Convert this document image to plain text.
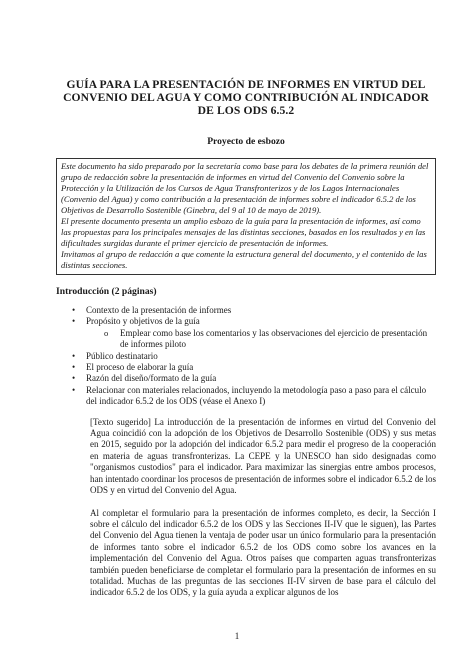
GUÍA PARA LA PRESENTACIÓN DE INFORMES EN VIRTUD DEL CONVENIO DEL AGUA Y COMO CONTRIBUCIÓN AL INDICADOR DE LOS ODS 6.5.2
Proyecto de esbozo

Este documento ha sido preparado por la secretaría como base para los debates de la primera reunión del grupo de redacción sobre la presentación de informes en virtud del Convenio del Convenio sobre la Protección y la Utilización de los Cursos de Agua Transfronterizos y de los Lagos Internacionales (Convenio del Agua) y como contribución a la presentación de informes sobre el indicador 6.5.2 de los Objetivos de Desarrollo Sostenible (Ginebra, del 9 al 10 de mayo de 2019).

El presente documento presenta un amplio esbozo de la guía para la presentación de informes, así como las propuestas para los principales mensajes de las distintas secciones, basados en los resultados y en las dificultades surgidas durante el primer ejercicio de presentación de informes.

Invitamos al grupo de redacción a que comente la estructura general del documento, y el contenido de las distintas secciones.

Introducción (2 páginas)
• Contexto de la presentación de informes
• Propósito y objetivos de la guía
o Emplear como base los comentarios y las observaciones del ejercicio de presentación de informes piloto
• Público destinatario
• El proceso de elaborar la guía
• Razón del diseño/formato de la guía
• Relacionar con materiales relacionados, incluyendo la metodología paso a paso para el cálculo del indicador 6.5.2 de los ODS (véase el Anexo I)

[Texto sugerido] La introducción de la presentación de informes en virtud del Convenio del Agua coincidió con la adopción de los Objetivos de Desarrollo Sostenible (ODS) y sus metas en 2015, seguido por la adopción del indicador 6.5.2 para medir el progreso de la cooperación en materia de aguas transfronterizas. La CEPE y la UNESCO han sido designadas como "organismos custodios" para el indicador. Para maximizar las sinergias entre ambos procesos, han intentado coordinar los procesos de presentación de informes sobre el indicador 6.5.2 de los ODS y en virtud del Convenio del Agua.

Al completar el formulario para la presentación de informes completo, es decir, la Sección I sobre el cálculo del indicador 6.5.2 de los ODS y las Secciones II-IV que le siguen), las Partes del Convenio del Agua tienen la ventaja de poder usar un único formulario para la presentación de informes tanto sobre el indicador 6.5.2 de los ODS como sobre los avances en la implementación del Convenio del Agua. Otros países que comparten aguas transfronterizas también pueden beneficiarse de completar el formulario para la presentación de informes en su totalidad. Muchas de las preguntas de las secciones II-IV sirven de base para el cálculo del indicador 6.5.2 de los ODS, y la guía ayuda a explicar algunos de los

1
